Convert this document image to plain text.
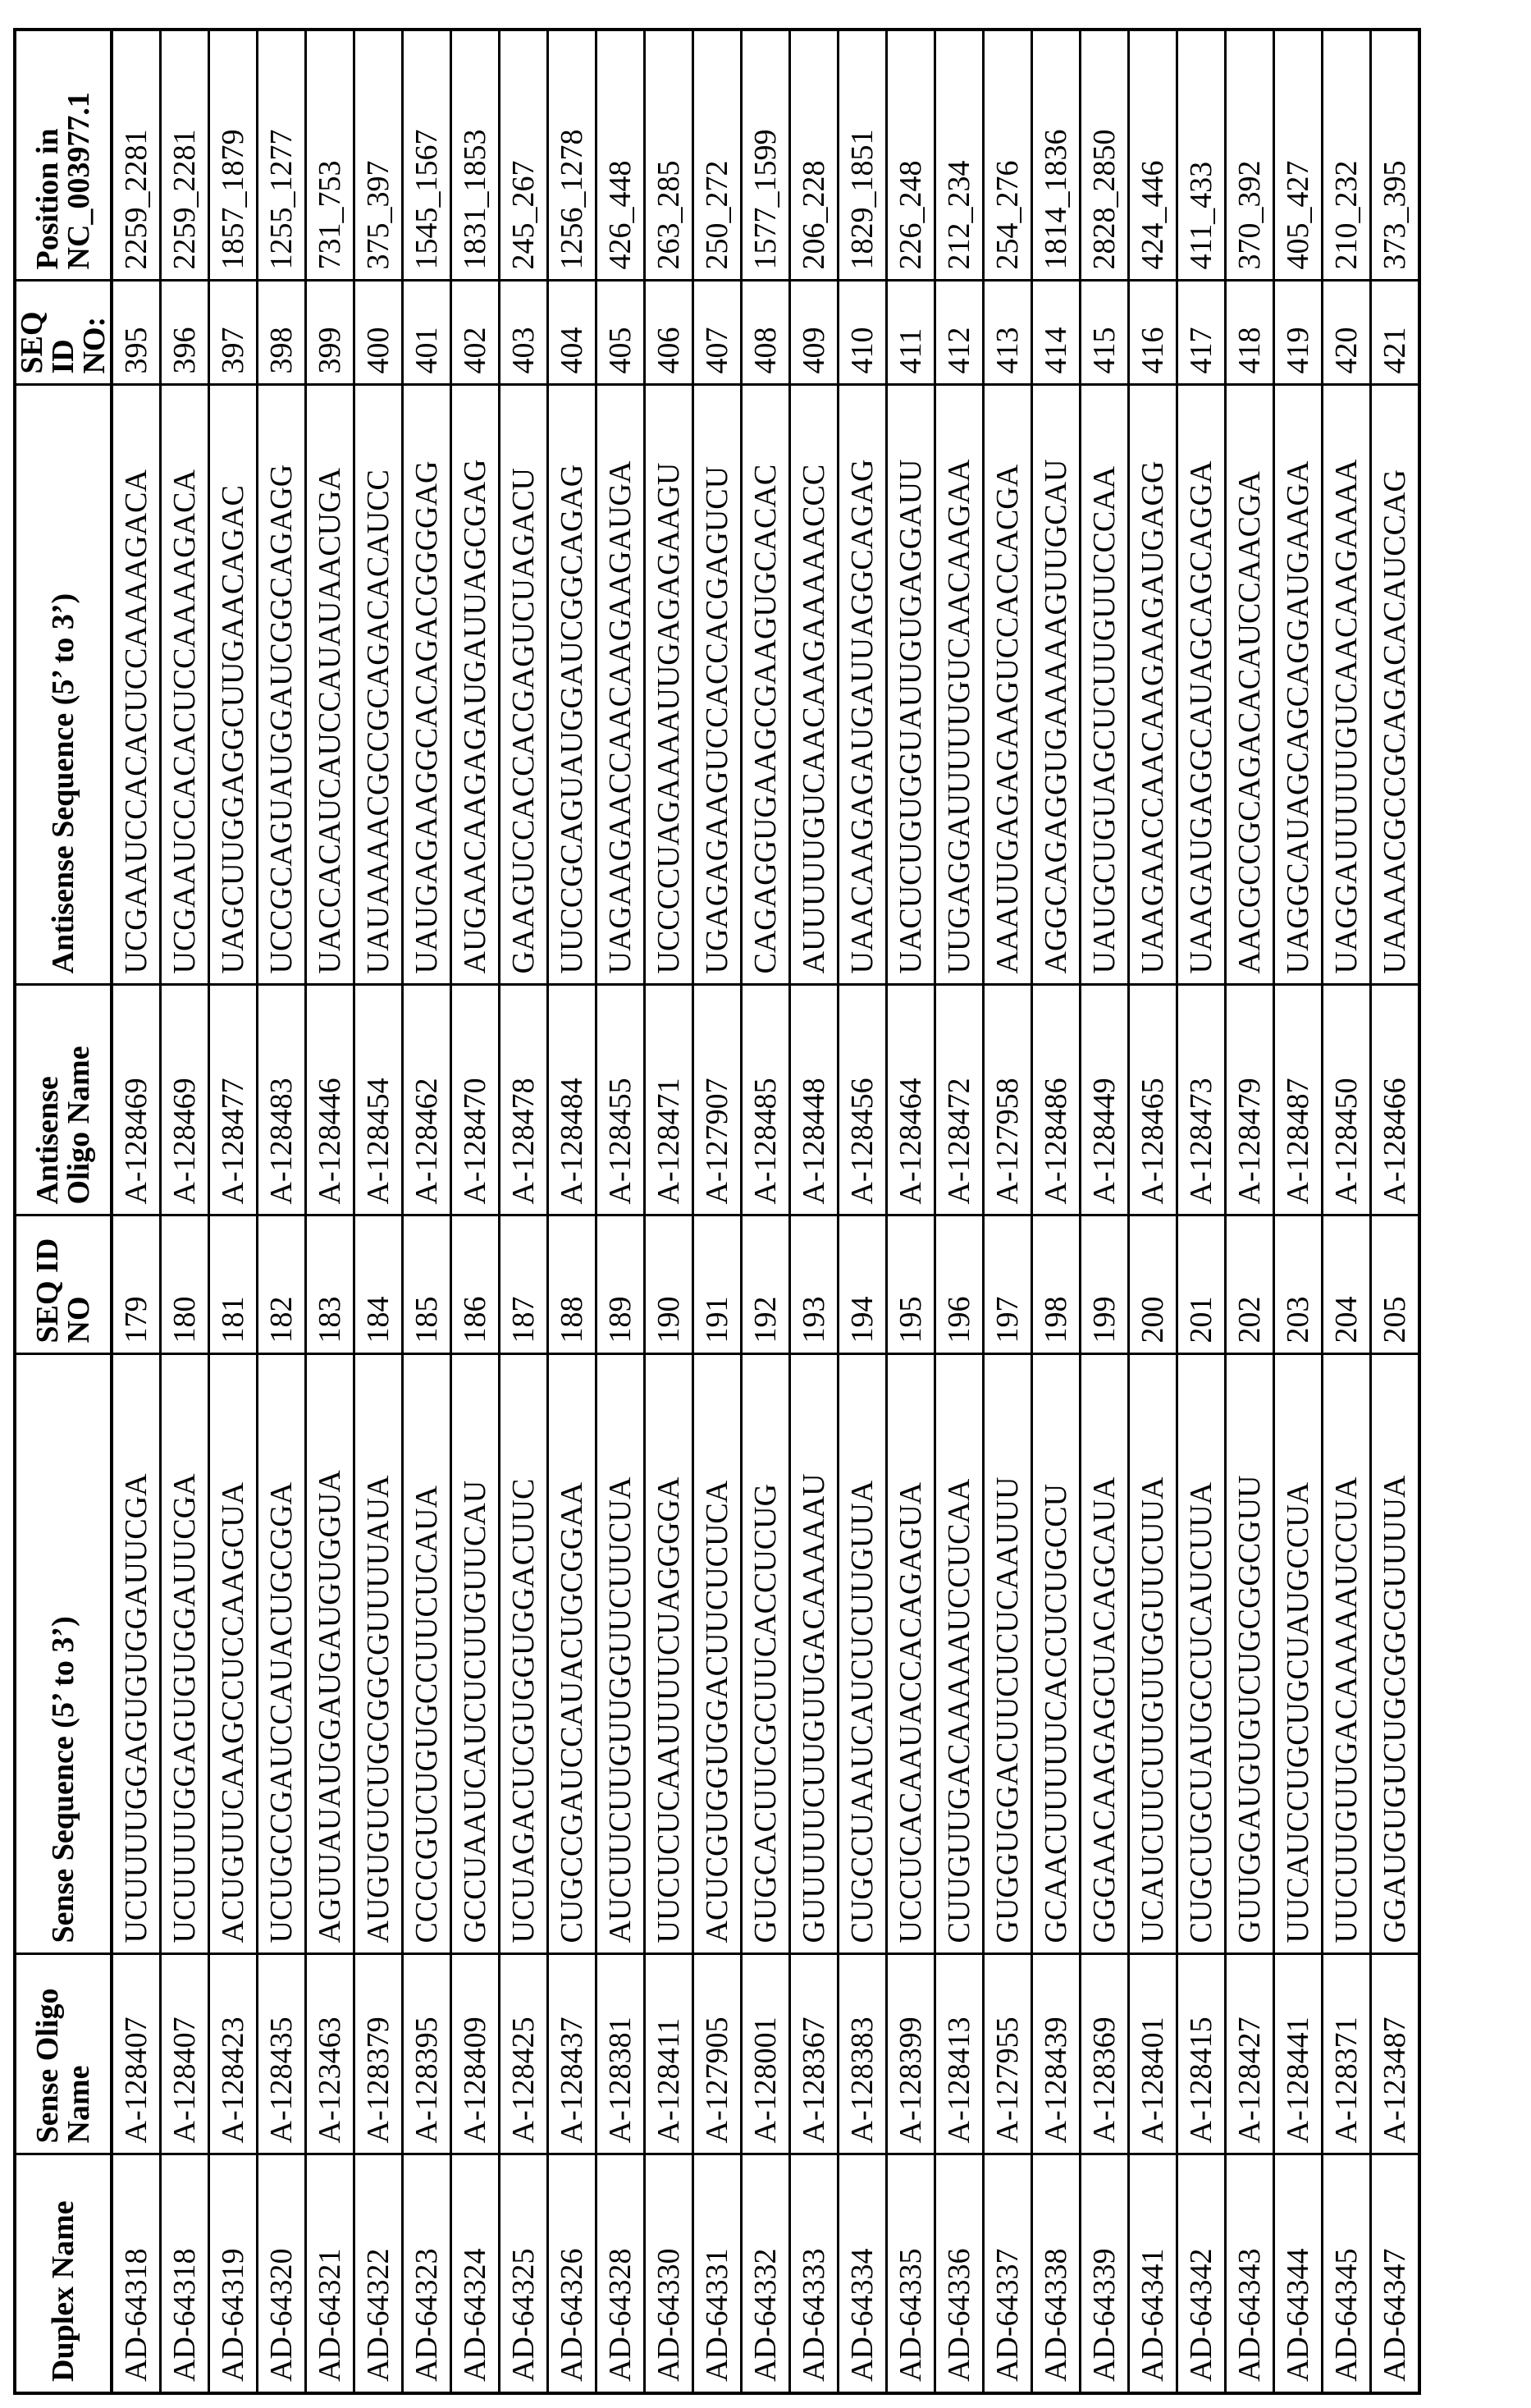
Duplex Name	Sense Oligo Name	Sense Sequence (5’ to 3’)	SEQ ID NO	Antisense Oligo Name	Antisense Sequence (5’ to 3’)	SEQ ID NO:	Position in NC_003977.1
AD-64318	A-128407	UCUUUUGGAGUGUGGAUUCGA	179	A-128469	UCGAAUCCACACUCCAAAAGACA	395	2259_2281
AD-64318	A-128407	UCUUUUGGAGUGUGGAUUCGA	180	A-128469	UCGAAUCCACACUCCAAAAGACA	396	2259_2281
AD-64319	A-128423	ACUGUUCAAGCCUCCAAGCUA	181	A-128477	UAGCUUGGAGGCUUGAACAGAC	397	1857_1879
AD-64320	A-128435	UCUGCCGAUCCAUACUGCGGA	182	A-128483	UCCGCAGUAUGGAUCGGCAGAGG	398	1255_1277
AD-64321	A-123463	AGUUAUAUGGAUGAUGUGGUA	183	A-128446	UACCACAUCAUCCAUAUAACUGA	399	731_753
AD-64322	A-128379	AUGUGUCUGCGGCGUUUUAUA	184	A-128454	UAUAAAACGCCGCAGACACAUCC	400	375_397
AD-64323	A-128395	CCCCGUCUGUGCCUUCUCAUA	185	A-128462	UAUGAGAAGGCACAGACGGGGAG	401	1545_1567
AD-64324	A-128409	GCCUAAUCAUCUCUUGUUCAU	186	A-128470	AUGAACAAGAGAUGAUUAGCGAG	402	1831_1853
AD-64325	A-128425	UCUAGACUCGUGGUGGACUUC	187	A-128478	GAAGUCCACCACGAGUCUAGACU	403	245_267
AD-64326	A-128437	CUGCCGAUCCAUACUGCGGAA	188	A-128484	UUCCGCAGUAUGGAUCGGCAGAG	404	1256_1278
AD-64328	A-128381	AUCUUCUUGUUGGUUCUUCUA	189	A-128455	UAGAAGAACCAACAAGAAGAUGA	405	426_448
AD-64330	A-128411	UUCUCUCAAUUUUCUAGGGGA	190	A-128471	UCCCCUAGAAAAUUGAGAGAAGU	406	263_285
AD-64331	A-127905	ACUCGUGGUGGACUUCUCUCA	191	A-127907	UGAGAGAAGUCCACCACGAGUCU	407	250_272
AD-64332	A-128001	GUGCACUUCGCUUCACCUCUG	192	A-128485	CAGAGGUGAAGCGAAGUGCACAC	408	1577_1599
AD-64333	A-128367	GUUUUUCUUGUUGACAAAAAU	193	A-128448	AUUUUUGUCAACAAGAAAAACCC	409	206_228
AD-64334	A-128383	CUGCCUAAUCAUCUCUUGUUA	194	A-128456	UAACAAGAGAUGAUUAGGCAGAG	410	1829_1851
AD-64335	A-128399	UCCUCACAAUACCACAGAGUA	195	A-128464	UACUCUGUGGUAUUGUGAGGAUU	411	226_248
AD-64336	A-128413	CUUGUUGACAAAAAUCCUCAA	196	A-128472	UUGAGGAUUUUUGUCAACAAGAA	412	212_234
AD-64337	A-127955	GUGGUGGACUUCUCUCAAUUU	197	A-127958	AAAUUGAGAGAAGUCCACCACGA	413	254_276
AD-64338	A-128439	GCAACUUUUUCACCUCUGCCU	198	A-128486	AGGCAGAGGUGAAAAAGUUGCAU	414	1814_1836
AD-64339	A-128369	GGGAACAAGAGCUACAGCAUA	199	A-128449	UAUGCUGUAGCUCUUGUUCCCAA	415	2828_2850
AD-64341	A-128401	UCAUCUUCUUGUUGGUUCUUA	200	A-128465	UAAGAACCAACAAGAAGAUGAGG	416	424_446
AD-64342	A-128415	CUGCUGCUAUGCCUCAUCUUA	201	A-128473	UAAGAUGAGGCAUAGCAGCAGGA	417	411_433
AD-64343	A-128427	GUUGGAUGUGUCUGCGGCGUU	202	A-128479	AACGCCGCAGACACAUCCAACGA	418	370_392
AD-64344	A-128441	UUCAUCCUGCUGCUAUGCCUA	203	A-128487	UAGGCAUAGCAGCAGGAUGAAGA	419	405_427
AD-64345	A-128371	UUCUUGUUGACAAAAAUCCUA	204	A-128450	UAGGAUUUUUGUCAACAAGAAAA	420	210_232
AD-64347	A-123487	GGAUGUGUCUGCGGCGUUUUA	205	A-128466	UAAAACGCCGCAGACACAUCCAG	421	373_395
